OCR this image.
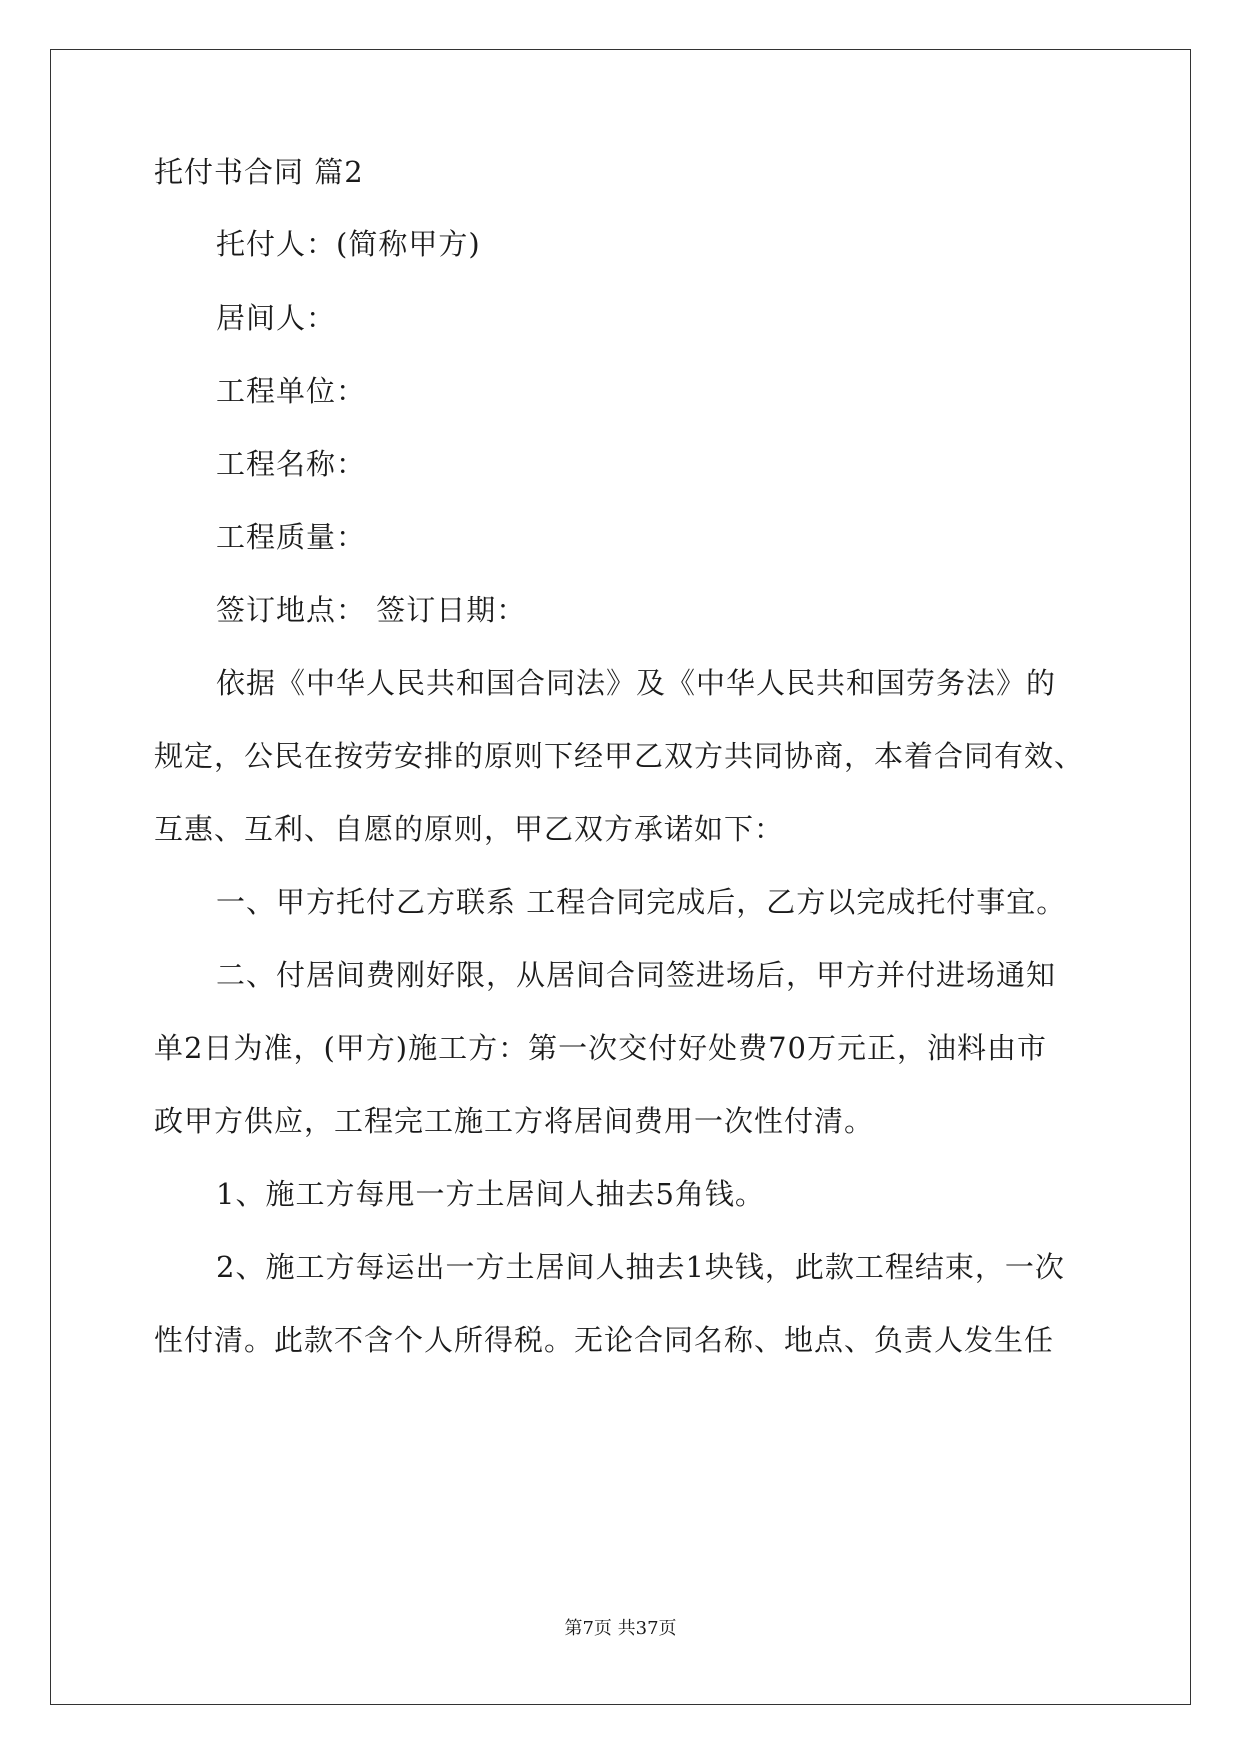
托付书合同 篇2
托付人：(简称甲方)
居间人：
工程单位：
工程名称：
工程质量：
签订地点： 签订日期：
依据《中华人民共和国合同法》及《中华人民共和国劳务法》的
规定，公民在按劳安排的原则下经甲乙双方共同协商，本着合同有效、
互惠、互利、自愿的原则，甲乙双方承诺如下：
一、甲方托付乙方联系 工程合同完成后，乙方以完成托付事宜。
二、付居间费刚好限，从居间合同签进场后，甲方并付进场通知
单2日为准，(甲方)施工方：第一次交付好处费70万元正，油料由市
政甲方供应，工程完工施工方将居间费用一次性付清。
1、施工方每甩一方土居间人抽去5角钱。
2、施工方每运出一方土居间人抽去1块钱，此款工程结束，一次
性付清。此款不含个人所得税。无论合同名称、地点、负责人发生任
第7页 共37页
